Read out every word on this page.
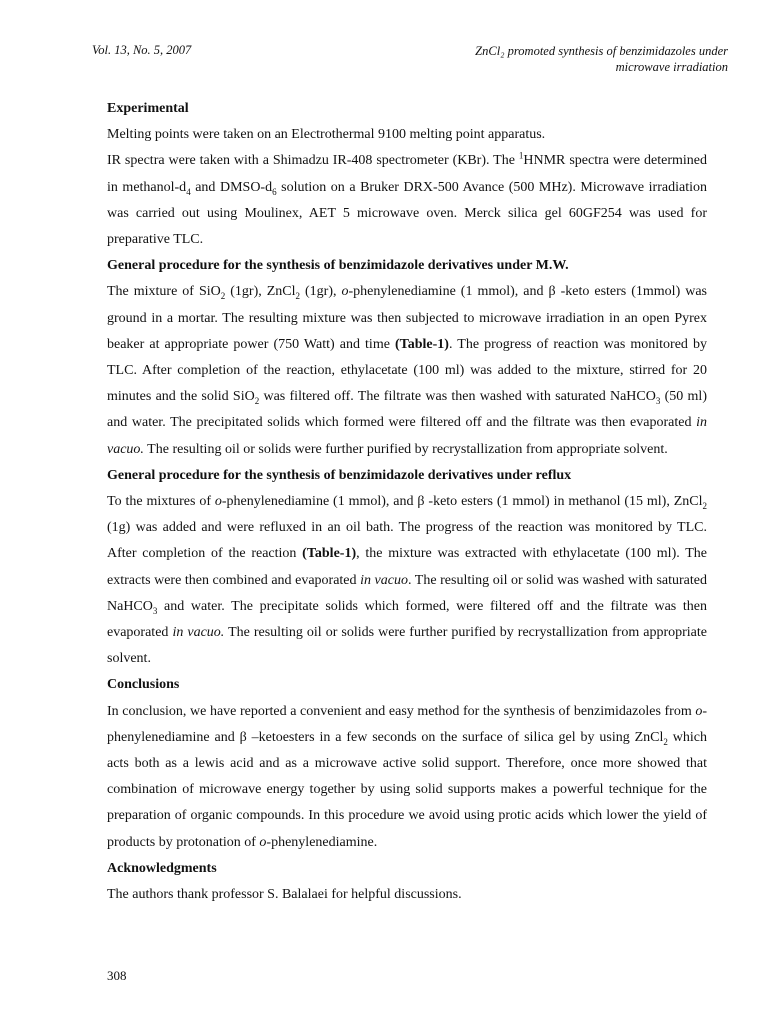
Vol. 13, No. 5, 2007	ZnCl₂ promoted synthesis of benzimidazoles under
microwave irradiation

Experimental

Melting points were taken on an Electrothermal 9100 melting point apparatus.

IR spectra were taken with a Shimadzu IR-408 spectrometer (KBr). The $^1$HNMR spectra were determined in methanol-$d_4$ and DMSO-$d_6$ solution on a Bruker DRX-500 Avance (500 MHz). Microwave irradiation was carried out using Moulinex, AET 5 microwave oven. Merck silica gel 60GF254 was used for preparative TLC.

General procedure for the synthesis of benzimidazole derivatives under M.W.

The mixture of SiO$_2$ (1gr), ZnCl$_2$ (1gr), o-phenylenediamine (1 mmol), and β -keto esters (1mmol) was ground in a mortar. The resulting mixture was then subjected to microwave irradiation in an open Pyrex beaker at appropriate power (750 Watt) and time (Table-1). The progress of reaction was monitored by TLC. After completion of the reaction, ethylacetate (100 ml) was added to the mixture, stirred for 20 minutes and the solid SiO$_2$ was filtered off. The filtrate was then washed with saturated NaHCO$_3$ (50 ml) and water. The precipitated solids which formed were filtered off and the filtrate was then evaporated in vacuo. The resulting oil or solids were further purified by recrystallization from appropriate solvent.

General procedure for the synthesis of benzimidazole derivatives under reflux

To the mixtures of o-phenylenediamine (1 mmol), and β -keto esters (1 mmol) in methanol (15 ml), ZnCl$_2$ (1g) was added and were refluxed in an oil bath. The progress of the reaction was monitored by TLC. After completion of the reaction (Table-1), the mixture was extracted with ethylacetate (100 ml). The extracts were then combined and evaporated in vacuo. The resulting oil or solid was washed with saturated NaHCO$_3$ and water. The precipitate solids which formed, were filtered off and the filtrate was then evaporated in vacuo. The resulting oil or solids were further purified by recrystallization from appropriate solvent.

Conclusions

In conclusion, we have reported a convenient and easy method for the synthesis of benzimidazoles from o-phenylenediamine and β –ketoesters in a few seconds on the surface of silica gel by using ZnCl$_2$ which acts both as a lewis acid and as a microwave active solid support. Therefore, once more showed that combination of microwave energy together by using solid supports makes a powerful technique for the preparation of organic compounds. In this procedure we avoid using protic acids which lower the yield of products by protonation of o-phenylenediamine.

Acknowledgments

The authors thank professor S. Balalaei for helpful discussions.

308
